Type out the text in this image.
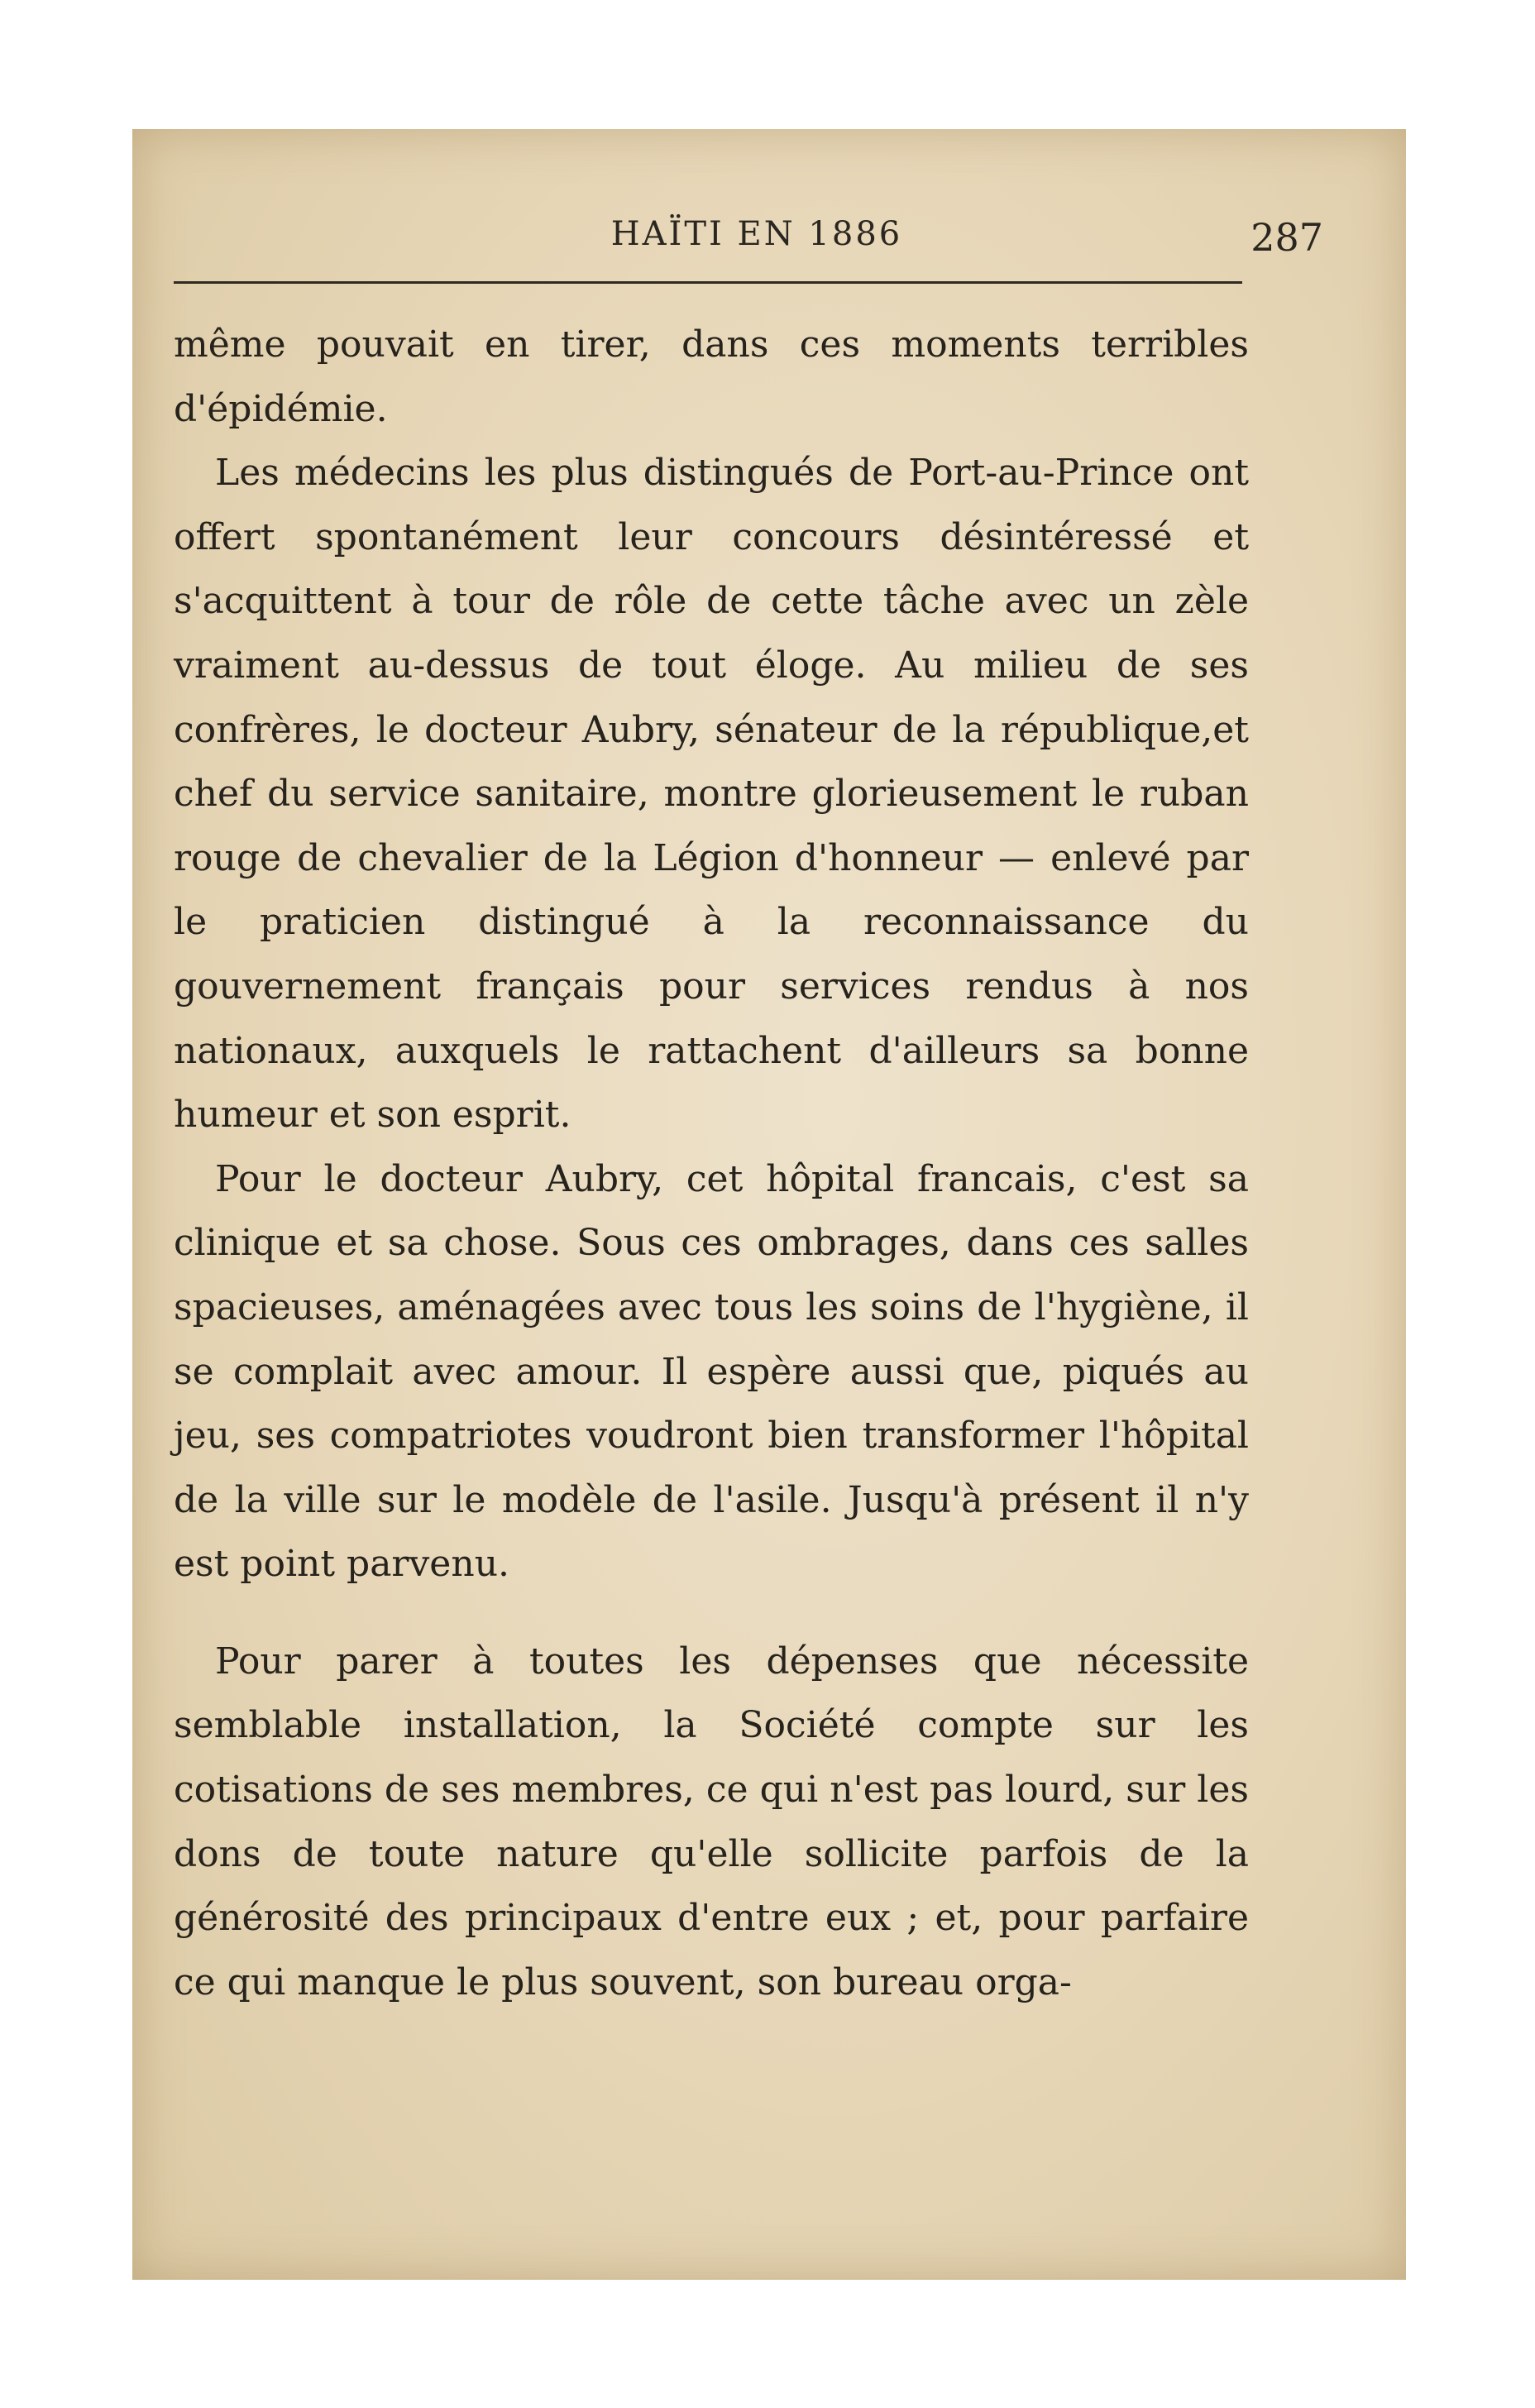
HAÏTI EN 1886	287

même pouvait en tirer, dans ces moments terribles d'épidémie.

Les médecins les plus distingués de Port-au-Prince ont offert spontanément leur concours désintéressé et s'acquittent à tour de rôle de cette tâche avec un zèle vraiment au-dessus de tout éloge. Au milieu de ses confrères, le docteur Aubry, sénateur de la république,et chef du service sanitaire, montre glorieusement le ruban rouge de chevalier de la Légion d'honneur — enlevé par le praticien distingué à la reconnaissance du gouvernement français pour services rendus à nos nationaux, auxquels le rattachent d'ailleurs sa bonne humeur et son esprit.

Pour le docteur Aubry, cet hôpital francais, c'est sa clinique et sa chose. Sous ces ombrages, dans ces salles spacieuses, aménagées avec tous les soins de l'hygiène, il se complait avec amour. Il espère aussi que, piqués au jeu, ses compatriotes voudront bien transformer l'hôpital de la ville sur le modèle de l'asile. Jusqu'à présent il n'y est point parvenu.

Pour parer à toutes les dépenses que nécessite semblable installation, la Société compte sur les cotisations de ses membres, ce qui n'est pas lourd, sur les dons de toute nature qu'elle sollicite parfois de la générosité des principaux d'entre eux ; et, pour parfaire ce qui manque le plus souvent, son bureau orga-
